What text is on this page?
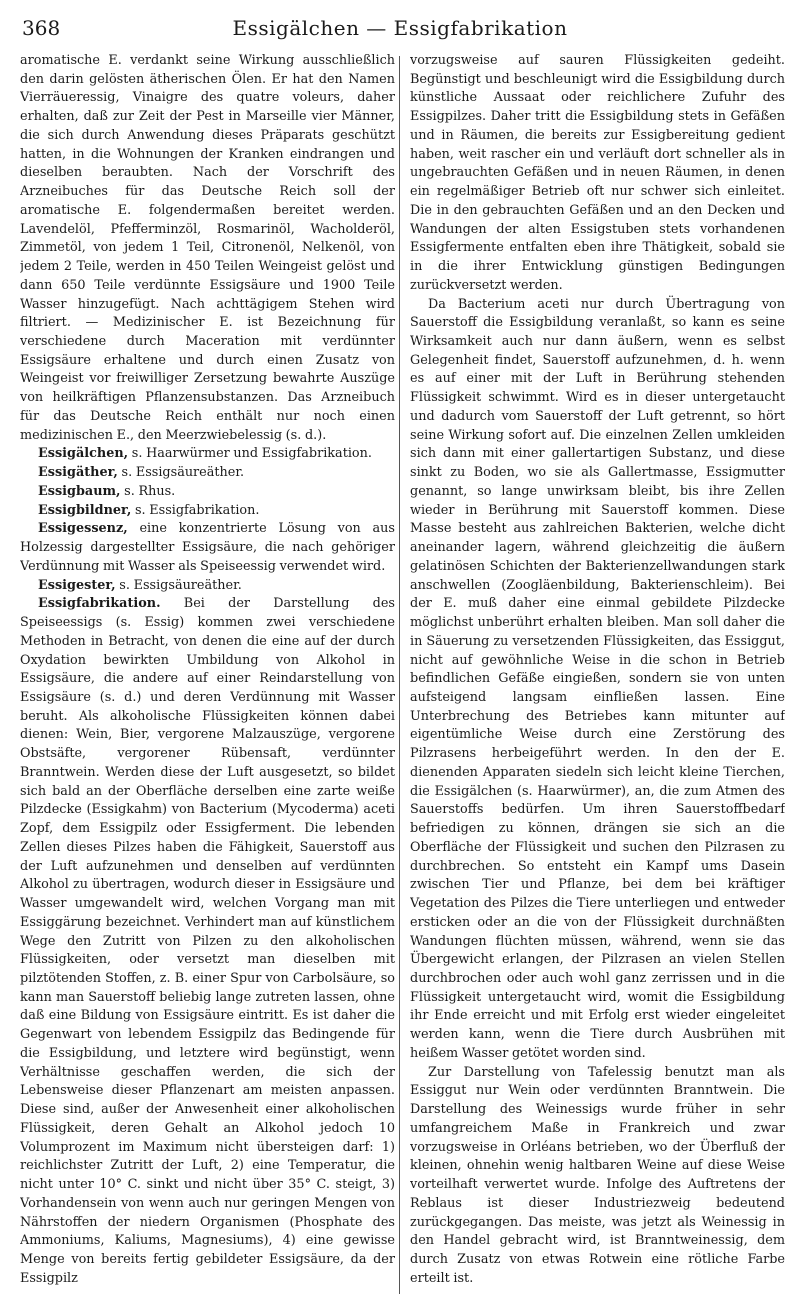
368	Essigälchen — Essigfabrikation

aromatische E. verdankt seine Wirkung ausschließlich den darin gelösten ätherischen Ölen. Er hat den Namen Vierräueressig, Vinaigre des quatre voleurs, daher erhalten, daß zur Zeit der Pest in Marseille vier Männer, die sich durch Anwendung dieses Präparats geschützt hatten, in die Wohnungen der Kranken eindrangen und dieselben beraubten. Nach der Vorschrift des Arzneibuches für das Deutsche Reich soll der aromatische E. folgendermaßen bereitet werden. Lavendelöl, Pfefferminzöl, Rosmarinöl, Wacholderöl, Zimmetöl, von jedem 1 Teil, Citronenöl, Nelkenöl, von jedem 2 Teile, werden in 450 Teilen Weingeist gelöst und dann 650 Teile verdünnte Essigsäure und 1900 Teile Wasser hinzugefügt. Nach achttägigem Stehen wird filtriert. — Medizinischer E. ist Bezeichnung für verschiedene durch Maceration mit verdünnter Essigsäure erhaltene und durch einen Zusatz von Weingeist vor freiwilliger Zersetzung bewahrte Auszüge von heilkräftigen Pflanzensubstanzen. Das Arzneibuch für das Deutsche Reich enthält nur noch einen medizinischen E., den Meerzwiebelessig (s. d.).

Essigälchen, s. Haarwürmer und Essigfabrikation.

Essigäther, s. Essigsäureäther.

Essigbaum, s. Rhus.

Essigbildner, s. Essigfabrikation.

Essigessenz, eine konzentrierte Lösung von aus Holzessig dargestellter Essigsäure, die nach gehöriger Verdünnung mit Wasser als Speiseessig verwendet wird.

Essigester, s. Essigsäureäther.

Essigfabrikation. Bei der Darstellung des Speiseessigs (s. Essig) kommen zwei verschiedene Methoden in Betracht, von denen die eine auf der durch Oxydation bewirkten Umbildung von Alkohol in Essigsäure, die andere auf einer Reindarstellung von Essigsäure (s. d.) und deren Verdünnung mit Wasser beruht. Als alkoholische Flüssigkeiten können dabei dienen: Wein, Bier, vergorene Malzauszüge, vergorene Obstsäfte, vergorener Rübensaft, verdünnter Branntwein. Werden diese der Luft ausgesetzt, so bildet sich bald an der Oberfläche derselben eine zarte weiße Pilzdecke (Essigkahm) von Bacterium (Mycoderma) aceti Zopf, dem Essigpilz oder Essigferment. Die lebenden Zellen dieses Pilzes haben die Fähigkeit, Sauerstoff aus der Luft aufzunehmen und denselben auf verdünnten Alkohol zu übertragen, wodurch dieser in Essigsäure und Wasser umgewandelt wird, welchen Vorgang man mit Essiggärung bezeichnet. Verhindert man auf künstlichem Wege den Zutritt von Pilzen zu den alkoholischen Flüssigkeiten, oder versetzt man dieselben mit pilztötenden Stoffen, z. B. einer Spur von Carbolsäure, so kann man Sauerstoff beliebig lange zutreten lassen, ohne daß eine Bildung von Essigsäure eintritt. Es ist daher die Gegenwart von lebendem Essigpilz das Bedingende für die Essigbildung, und letztere wird begünstigt, wenn Verhältnisse geschaffen werden, die sich der Lebensweise dieser Pflanzenart am meisten anpassen. Diese sind, außer der Anwesenheit einer alkoholischen Flüssigkeit, deren Gehalt an Alkohol jedoch 10 Volumprozent im Maximum nicht übersteigen darf: 1) reichlichster Zutritt der Luft, 2) eine Temperatur, die nicht unter 10° C. sinkt und nicht über 35° C. steigt, 3) Vorhandensein von wenn auch nur geringen Mengen von Nährstoffen der niedern Organismen (Phosphate des Ammoniums, Kaliums, Magnesiums), 4) eine gewisse Menge von bereits fertig gebildeter Essigsäure, da der Essigpilz

vorzugsweise auf sauren Flüssigkeiten gedeiht. Begünstigt und beschleunigt wird die Essigbildung durch künstliche Aussaat oder reichlichere Zufuhr des Essigpilzes. Daher tritt die Essigbildung stets in Gefäßen und in Räumen, die bereits zur Essigbereitung gedient haben, weit rascher ein und verläuft dort schneller als in ungebrauchten Gefäßen und in neuen Räumen, in denen ein regelmäßiger Betrieb oft nur schwer sich einleitet. Die in den gebrauchten Gefäßen und an den Decken und Wandungen der alten Essigstuben stets vorhandenen Essigfermente entfalten eben ihre Thätigkeit, sobald sie in die ihrer Entwicklung günstigen Bedingungen zurückversetzt werden.

Da Bacterium aceti nur durch Übertragung von Sauerstoff die Essigbildung veranlaßt, so kann es seine Wirksamkeit auch nur dann äußern, wenn es selbst Gelegenheit findet, Sauerstoff aufzunehmen, d. h. wenn es auf einer mit der Luft in Berührung stehenden Flüssigkeit schwimmt. Wird es in dieser untergetaucht und dadurch vom Sauerstoff der Luft getrennt, so hört seine Wirkung sofort auf. Die einzelnen Zellen umkleiden sich dann mit einer gallertartigen Substanz, und diese sinkt zu Boden, wo sie als Gallertmasse, Essigmutter genannt, so lange unwirksam bleibt, bis ihre Zellen wieder in Berührung mit Sauerstoff kommen. Diese Masse besteht aus zahlreichen Bakterien, welche dicht aneinander lagern, während gleichzeitig die äußern gelatinösen Schichten der Bakterienzellwandungen stark anschwellen (Zoogläenbildung, Bakterienschleim). Bei der E. muß daher eine einmal gebildete Pilzdecke möglichst unberührt erhalten bleiben. Man soll daher die in Säuerung zu versetzenden Flüssigkeiten, das Essiggut, nicht auf gewöhnliche Weise in die schon in Betrieb befindlichen Gefäße eingießen, sondern sie von unten aufsteigend langsam einfließen lassen. Eine Unterbrechung des Betriebes kann mitunter auf eigentümliche Weise durch eine Zerstörung des Pilzrasens herbeigeführt werden. In den der E. dienenden Apparaten siedeln sich leicht kleine Tierchen, die Essigälchen (s. Haarwürmer), an, die zum Atmen des Sauerstoffs bedürfen. Um ihren Sauerstoffbedarf befriedigen zu können, drängen sie sich an die Oberfläche der Flüssigkeit und suchen den Pilzrasen zu durchbrechen. So entsteht ein Kampf ums Dasein zwischen Tier und Pflanze, bei dem bei kräftiger Vegetation des Pilzes die Tiere unterliegen und entweder ersticken oder an die von der Flüssigkeit durchnäßten Wandungen flüchten müssen, während, wenn sie das Übergewicht erlangen, der Pilzrasen an vielen Stellen durchbrochen oder auch wohl ganz zerrissen und in die Flüssigkeit untergetaucht wird, womit die Essigbildung ihr Ende erreicht und mit Erfolg erst wieder eingeleitet werden kann, wenn die Tiere durch Ausbrühen mit heißem Wasser getötet worden sind.

Zur Darstellung von Tafelessig benutzt man als Essiggut nur Wein oder verdünnten Branntwein. Die Darstellung des Weinessigs wurde früher in sehr umfangreichem Maße in Frankreich und zwar vorzugsweise in Orléans betrieben, wo der Überfluß der kleinen, ohnehin wenig haltbaren Weine auf diese Weise vorteilhaft verwertet wurde. Infolge des Auftretens der Reblaus ist dieser Industriezweig bedeutend zurückgegangen. Das meiste, was jetzt als Weinessig in den Handel gebracht wird, ist Branntweinessig, dem durch Zusatz von etwas Rotwein eine rötliche Farbe erteilt ist.
